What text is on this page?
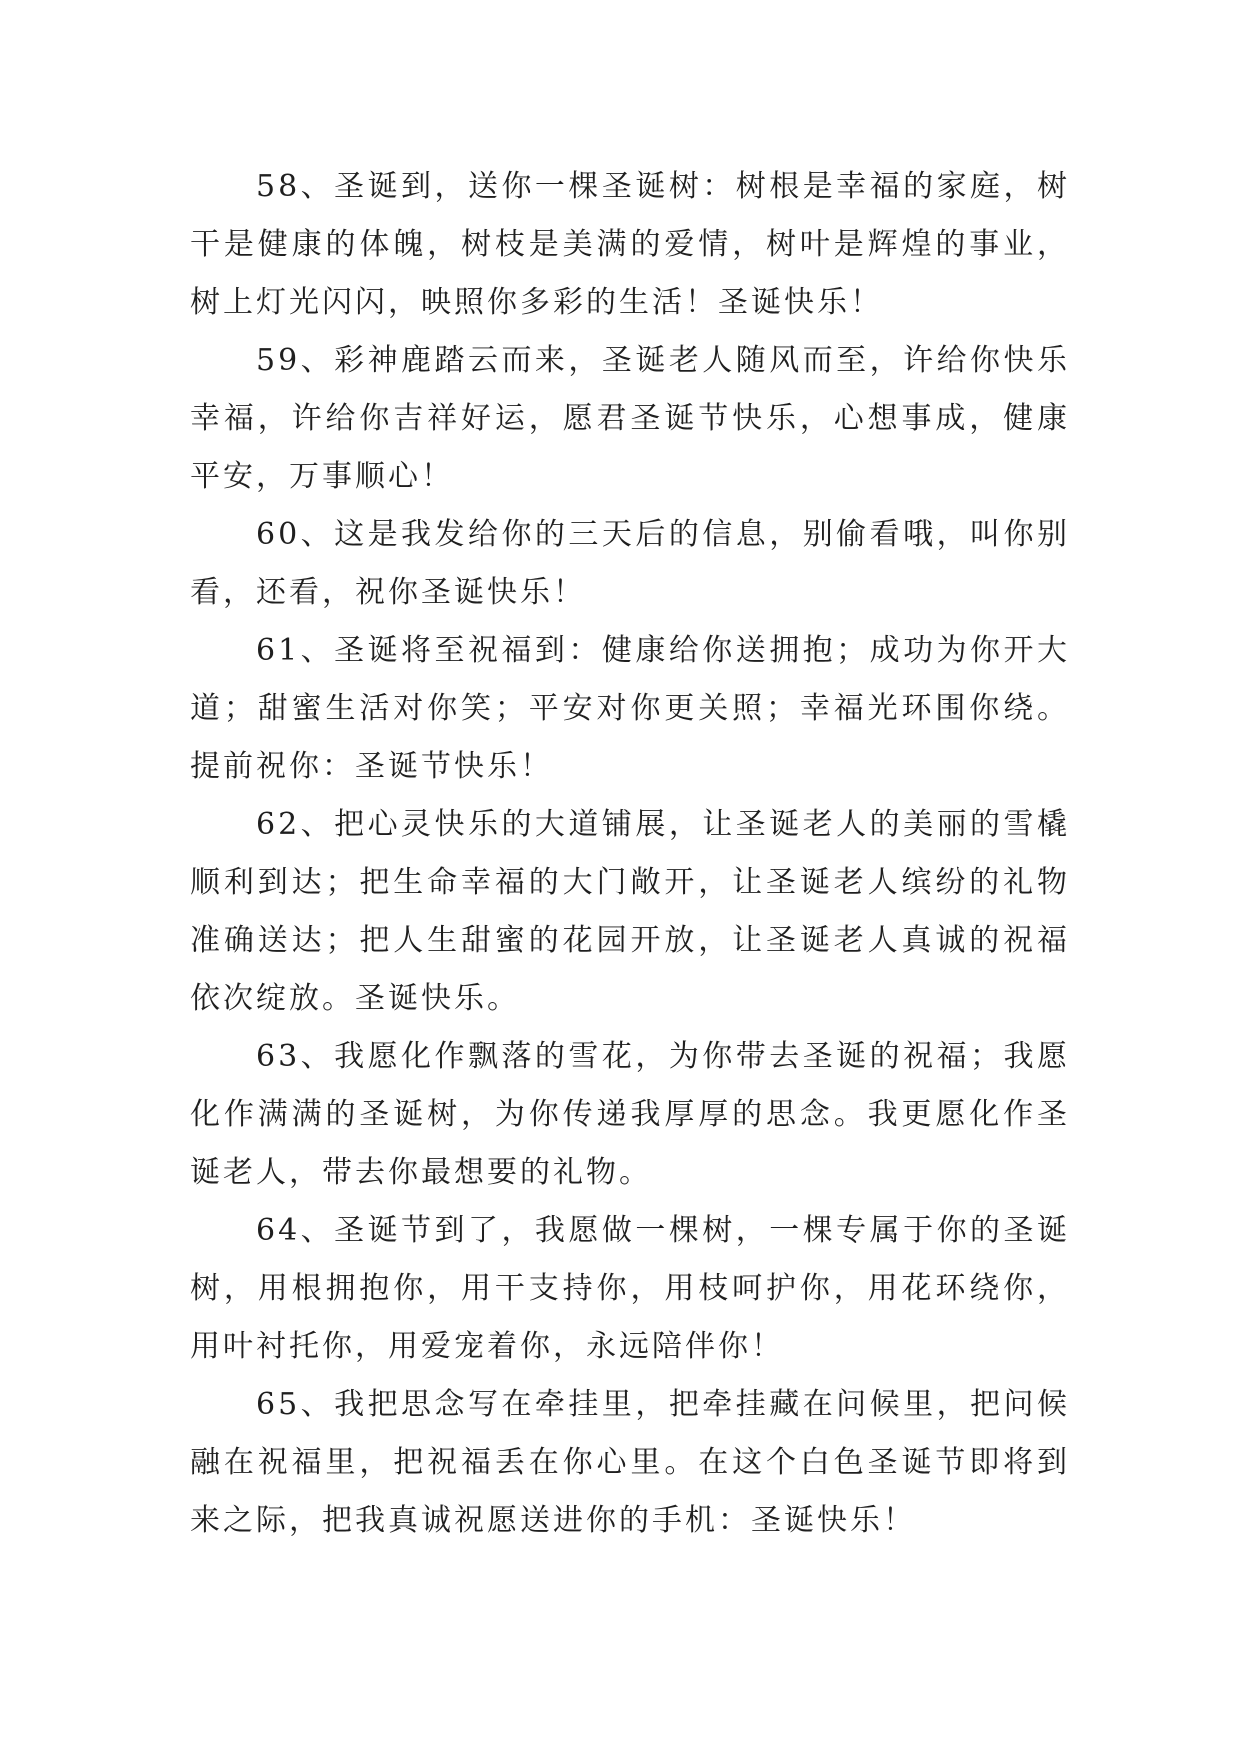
58、圣诞到，送你一棵圣诞树：树根是幸福的家庭，树干是健康的体魄，树枝是美满的爱情，树叶是辉煌的事业，树上灯光闪闪，映照你多彩的生活！圣诞快乐！

59、彩神鹿踏云而来，圣诞老人随风而至，许给你快乐幸福，许给你吉祥好运，愿君圣诞节快乐，心想事成，健康平安，万事顺心！

60、这是我发给你的三天后的信息，别偷看哦，叫你别看，还看，祝你圣诞快乐！

61、圣诞将至祝福到：健康给你送拥抱；成功为你开大道；甜蜜生活对你笑；平安对你更关照；幸福光环围你绕。提前祝你：圣诞节快乐！

62、把心灵快乐的大道铺展，让圣诞老人的美丽的雪橇顺利到达；把生命幸福的大门敞开，让圣诞老人缤纷的礼物准确送达；把人生甜蜜的花园开放，让圣诞老人真诚的祝福依次绽放。圣诞快乐。

63、我愿化作飘落的雪花，为你带去圣诞的祝福；我愿化作满满的圣诞树，为你传递我厚厚的思念。我更愿化作圣诞老人，带去你最想要的礼物。

64、圣诞节到了，我愿做一棵树，一棵专属于你的圣诞树，用根拥抱你，用干支持你，用枝呵护你，用花环绕你，用叶衬托你，用爱宠着你，永远陪伴你！

65、我把思念写在牵挂里，把牵挂藏在问候里，把问候融在祝福里，把祝福丢在你心里。在这个白色圣诞节即将到来之际，把我真诚祝愿送进你的手机：圣诞快乐！
